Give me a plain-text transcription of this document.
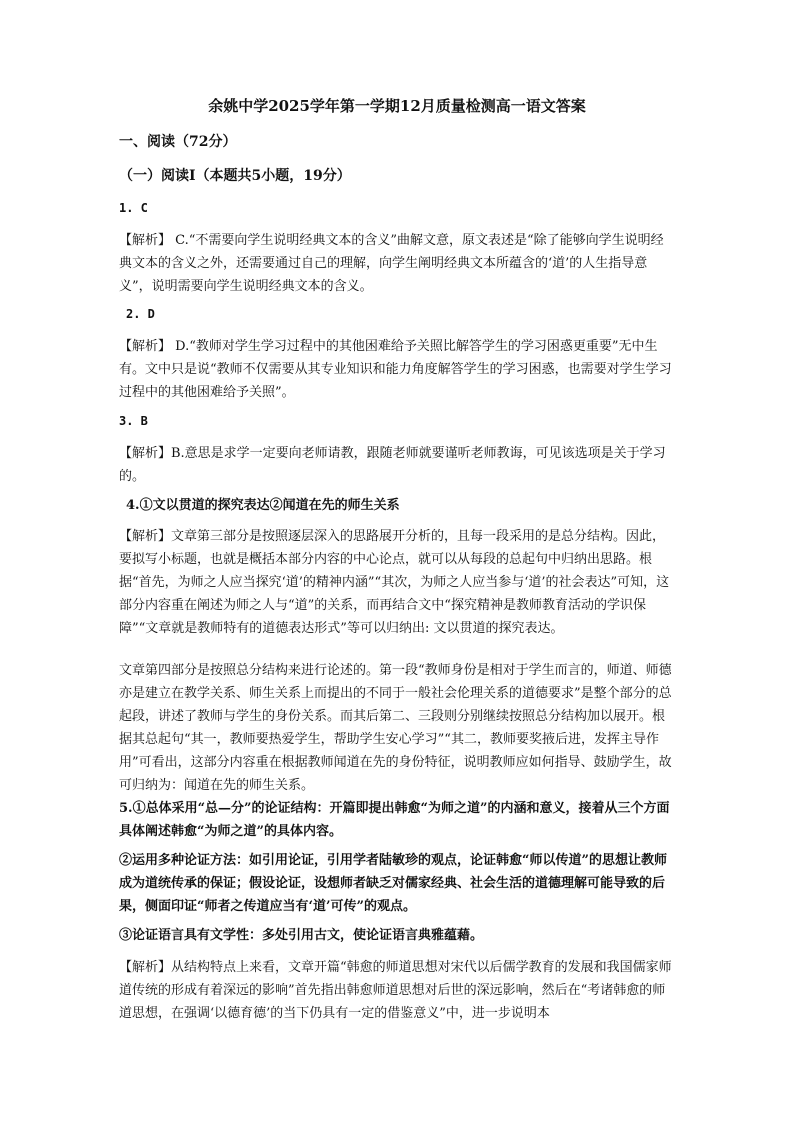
余姚中学2025学年第一学期12月质量检测高一语文答案

一、阅读（72分）

（一）阅读Ⅰ（本题共5小题，19分）

1. C

【解析】 C.“不需要向学生说明经典文本的含义”曲解文意，原文表述是“除了能够向学生说明经典文本的含义之外，还需要通过自己的理解，向学生阐明经典文本所蕴含的‘道’的人生指导意义”，说明需要向学生说明经典文本的含义。

2. D

【解析】 D.“教师对学生学习过程中的其他困难给予关照比解答学生的学习困惑更重要”无中生有。文中只是说“教师不仅需要从其专业知识和能力角度解答学生的学习困惑，也需要对学生学习过程中的其他困难给予关照”。

3. B

【解析】B.意思是求学一定要向老师请教，跟随老师就要谨听老师教诲，可见该选项是关于学习的。

4.①文以贯道的探究表达②闻道在先的师生关系

【解析】文章第三部分是按照逐层深入的思路展开分析的，且每一段采用的是总分结构。因此，要拟写小标题，也就是概括本部分内容的中心论点，就可以从每段的总起句中归纳出思路。根据“首先，为师之人应当探究‘道’的精神内涵”“其次，为师之人应当参与‘道’的社会表达”可知，这部分内容重在阐述为师之人与“道”的关系，而再结合文中“探究精神是教师教育活动的学识保障”“文章就是教师特有的道德表达形式”等可以归纳出: 文以贯道的探究表达。

文章第四部分是按照总分结构来进行论述的。第一段“教师身份是相对于学生而言的，师道、师德亦是建立在教学关系、师生关系上而提出的不同于一般社会伦理关系的道德要求”是整个部分的总起段，讲述了教师与学生的身份关系。而其后第二、三段则分别继续按照总分结构加以展开。根据其总起句“其一，教师要热爱学生，帮助学生安心学习”“其二，教师要奖掖后进，发挥主导作用”可看出，这部分内容重在根据教师闻道在先的身份特征，说明教师应如何指导、鼓励学生，故可归纳为：闻道在先的师生关系。

5.①总体采用“总—分”的论证结构：开篇即提出韩愈“为师之道”的内涵和意义，接着从三个方面具体阐述韩愈“为师之道”的具体内容。

②运用多种论证方法：如引用论证，引用学者陆敏珍的观点，论证韩愈“师以传道”的思想让教师成为道统传承的保证；假设论证，设想师者缺乏对儒家经典、社会生活的道德理解可能导致的后果，侧面印证“师者之传道应当有‘道’可传”的观点。

③论证语言具有文学性：多处引用古文，使论证语言典雅蕴藉。

【解析】从结构特点上来看，文章开篇“韩愈的师道思想对宋代以后儒学教育的发展和我国儒家师道传统的形成有着深远的影响”首先指出韩愈师道思想对后世的深远影响，然后在“考诸韩愈的师道思想，在强调‘以德育德’的当下仍具有一定的借鉴意义”中，进一步说明本
